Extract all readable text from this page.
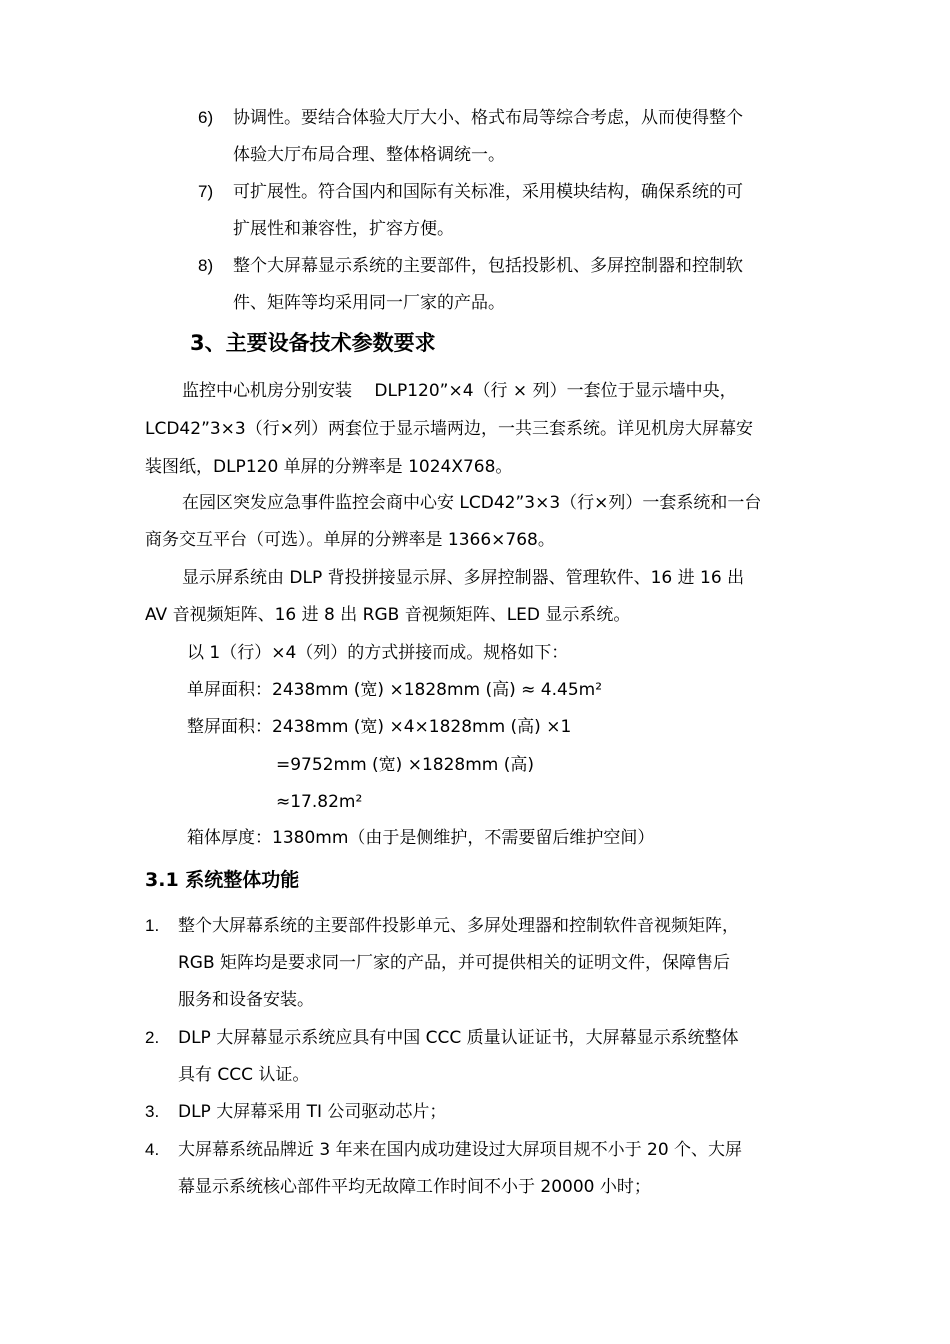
6) 协调性。要结合体验大厅大小、格式布局等综合考虑，从而使得整个
体验大厅布局合理、整体格调统一。
7) 可扩展性。符合国内和国际有关标准，采用模块结构，确保系统的可
扩展性和兼容性，扩容方便。
8) 整个大屏幕显示系统的主要部件，包括投影机、多屏控制器和控制软
件、矩阵等均采用同一厂家的产品。
3、主要设备技术参数要求
监控中心机房分别安装　 DLP120”×4（行 × 列）一套位于显示墙中央，
LCD42”3×3（行×列）两套位于显示墙两边，一共三套系统。详见机房大屏幕安
装图纸，DLP120 单屏的分辨率是 1024X768。
在园区突发应急事件监控会商中心安 LCD42”3×3（行×列）一套系统和一台
商务交互平台（可选）。单屏的分辨率是 1366×768。
显示屏系统由 DLP 背投拼接显示屏、多屏控制器、管理软件、16 进 16 出
AV 音视频矩阵、16 进 8 出 RGB 音视频矩阵、LED 显示系统。
以 1（行）×4（列）的方式拼接而成。规格如下：
单屏面积：2438mm (宽) ×1828mm (高) ≈ 4.45m²
整屏面积：2438mm (宽) ×4×1828mm (高) ×1
=9752mm (宽) ×1828mm (高)
≈17.82m²
箱体厚度：1380mm（由于是侧维护，不需要留后维护空间）
3.1 系统整体功能
1. 整个大屏幕系统的主要部件投影单元、多屏处理器和控制软件音视频矩阵，
RGB 矩阵均是要求同一厂家的产品，并可提供相关的证明文件，保障售后
服务和设备安装。
2. DLP 大屏幕显示系统应具有中国 CCC 质量认证证书，大屏幕显示系统整体
具有 CCC 认证。
3. DLP 大屏幕采用 TI 公司驱动芯片；
4. 大屏幕系统品牌近 3 年来在国内成功建设过大屏项目规不小于 20 个、大屏
幕显示系统核心部件平均无故障工作时间不小于 20000 小时；
